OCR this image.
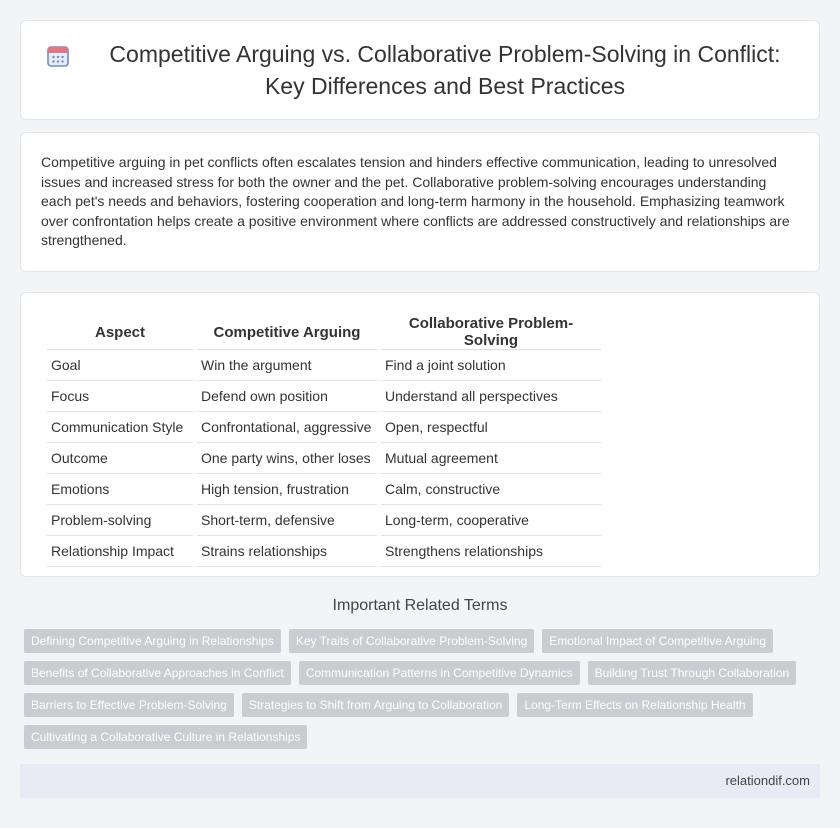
Competitive Arguing vs. Collaborative Problem-Solving in Conflict: Key Differences and Best Practices

Competitive arguing in pet conflicts often escalates tension and hinders effective communication, leading to unresolved issues and increased stress for both the owner and the pet. Collaborative problem-solving encourages understanding each pet's needs and behaviors, fostering cooperation and long-term harmony in the household. Emphasizing teamwork over confrontation helps create a positive environment where conflicts are addressed constructively and relationships are strengthened.

Aspect	Competitive Arguing	Collaborative Problem-Solving
Goal	Win the argument	Find a joint solution
Focus	Defend own position	Understand all perspectives
Communication Style	Confrontational, aggressive	Open, respectful
Outcome	One party wins, other loses	Mutual agreement
Emotions	High tension, frustration	Calm, constructive
Problem-solving	Short-term, defensive	Long-term, cooperative
Relationship Impact	Strains relationships	Strengthens relationships
Important Related Terms
Defining Competitive Arguing in Relationships	Key Traits of Collaborative Problem-Solving	Emotional Impact of Competitive Arguing
Benefits of Collaborative Approaches in Conflict	Communication Patterns in Competitive Dynamics	Building Trust Through Collaboration
Barriers to Effective Problem-Solving	Strategies to Shift from Arguing to Collaboration	Long-Term Effects on Relationship Health
Cultivating a Collaborative Culture in Relationships
relationdif.com
